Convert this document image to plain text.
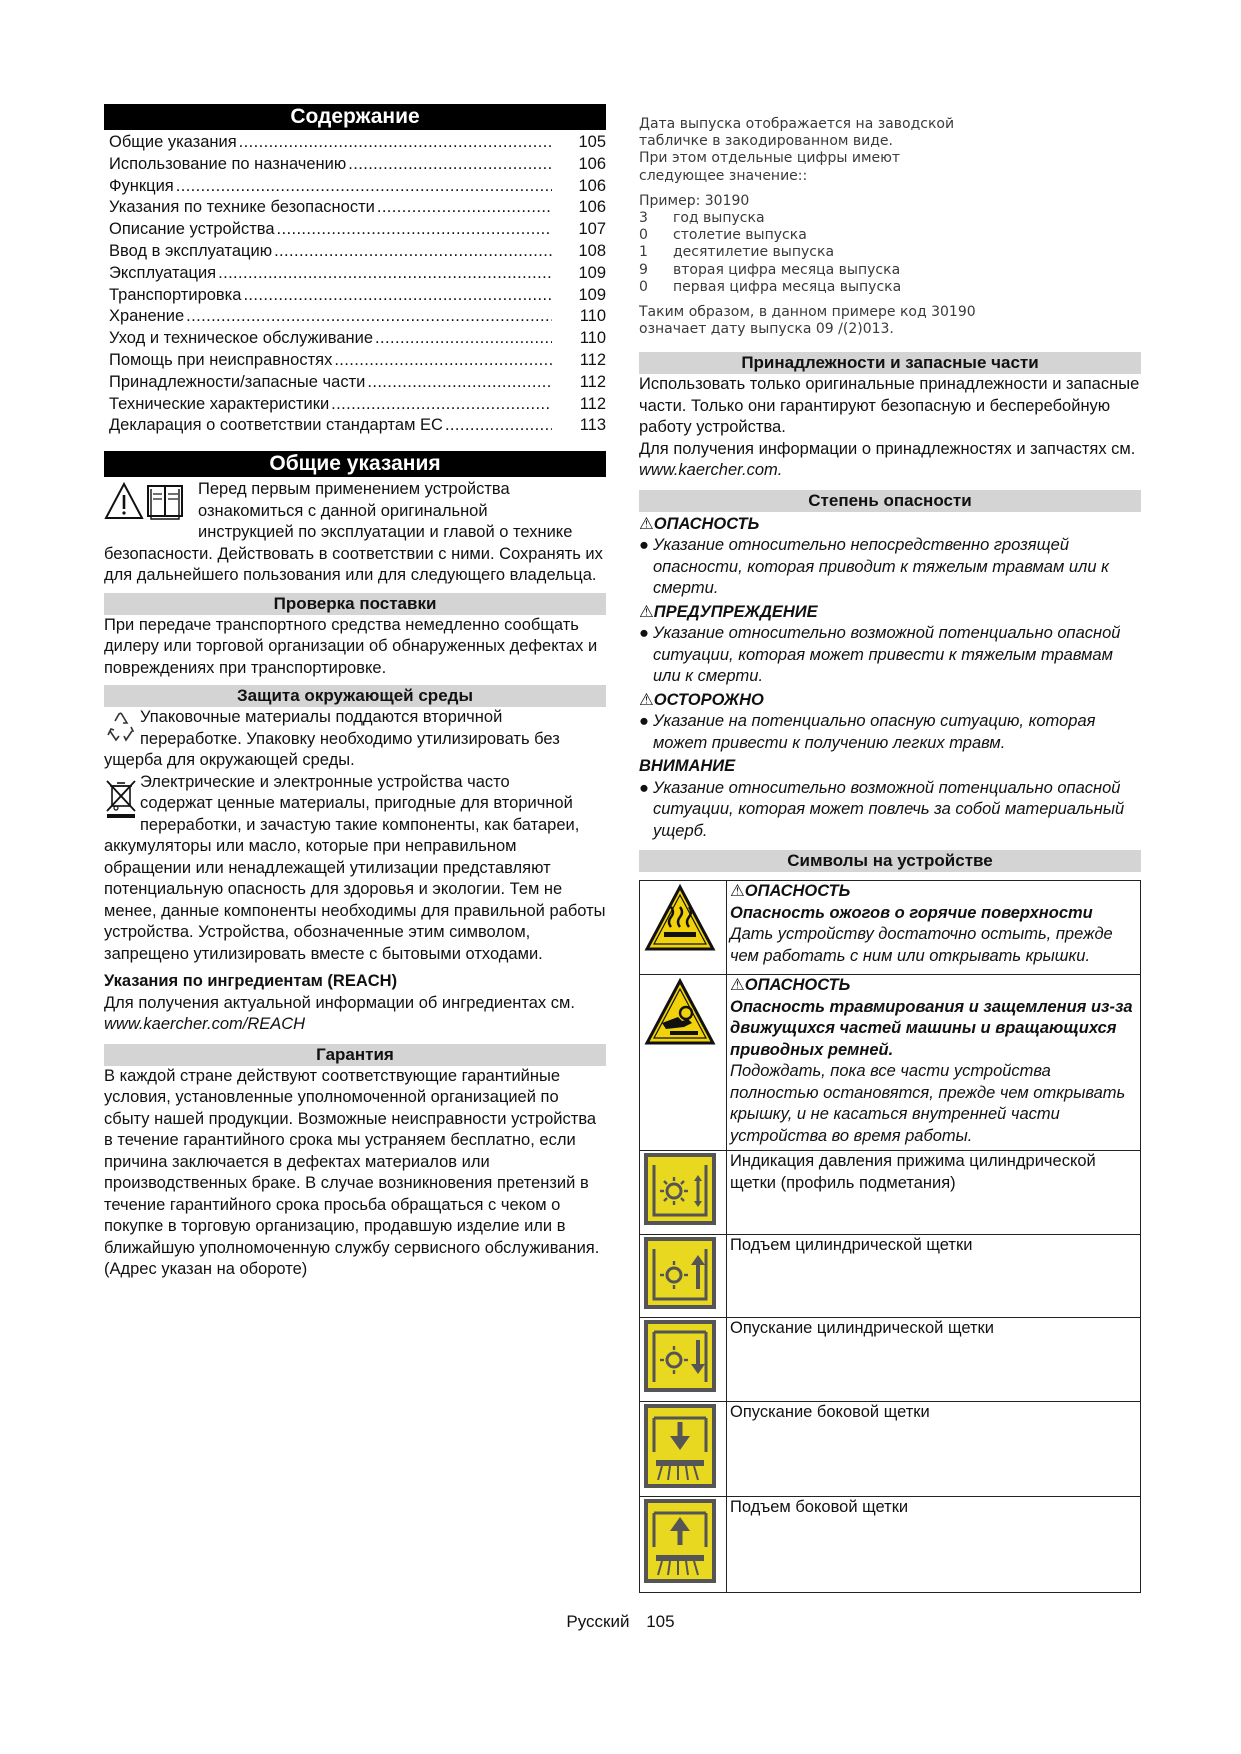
Содержание
Общие указания .....	105
Использование по назначению .....	106
Функция .....	106
Указания по технике безопасности .....	106
Описание устройства .....	107
Ввод в эксплуатацию .....	108
Эксплуатация .....	109
Транспортировка .....	109
Хранение .....	110
Уход и техническое обслуживание .....	110
Помощь при неисправностях .....	112
Принадлежности/запасные части .....	112
Технические характеристики .....	112
Декларация о соответствии стандартам ЕС .....	113
Общие указания

Перед первым применением устройства

ознакомиться с данной оригинальной

инструкцией по эксплуатации и главой о технике

безопасности. Действовать в соответствии с ними. Сохранять их для дальнейшего пользования или для следующего владельца.

Проверка поставки

При передаче транспортного средства немедленно сообщать дилеру или торговой организации об обнаруженных дефектах и повреждениях при транспортировке.

Защита окружающей среды

Упаковочные материалы поддаются вторичной

переработке. Упаковку необходимо утилизировать без ущерба для окружающей среды.

Электрические и электронные устройства часто

содержат ценные материалы, пригодные для вторичной

переработки, и зачастую такие компоненты, как батареи, аккумуляторы или масло, которые при неправильном обращении или ненадлежащей утилизации представляют потенциальную опасность для здоровья и экологии. Тем не менее, данные компоненты необходимы для правильной работы устройства. Устройства, обозначенные этим символом, запрещено утилизировать вместе с бытовыми отходами.

Указания по ингредиентам (REACH)

Для получения актуальной информации об ингредиентах см.

www.kaercher.com/REACH

Гарантия

В каждой стране действуют соответствующие гарантийные условия, установленные уполномоченной организацией по сбыту нашей продукции. Возможные неисправности устройства в течение гарантийного срока мы устраняем бесплатно, если причина заключается в дефектах материалов или производственных браке. В случае возникновения претензий в течение гарантийного срока просьба обращаться с чеком о покупке в торговую организацию, продавшую изделие или в ближайшую уполномоченную службу сервисного обслуживания.

(Адрес указан на обороте)

Дата выпуска отображается на заводской

табличке в закодированном виде.

При этом отдельные цифры имеют

следующее значение::

Пример: 30190

3	год выпуска
0	столетие выпуска
1	десятилетие выпуска
9	вторая цифра месяца выпуска
0	первая цифра месяца выпуска

Таким образом, в данном примере код 30190

означает дату выпуска 09 /(2)013.

Принадлежности и запасные части

Использовать только оригинальные принадлежности и запасные части. Только они гарантируют безопасную и бесперебойную работу устройства.

Для получения информации о принадлежностях и запчастях см. www.kaercher.com.

Степень опасности

⚠ОПАСНОСТЬ

● Указание относительно непосредственно грозящей опасности, которая приводит к тяжелым травмам или к смерти.

⚠ПРЕДУПРЕЖДЕНИЕ

● Указание относительно возможной потенциально опасной ситуации, которая может привести к тяжелым травмам или к смерти.

⚠ОСТОРОЖНО

● Указание на потенциально опасную ситуацию, которая может привести к получению легких травм.

ВНИМАНИЕ

● Указание относительно возможной потенциально опасной ситуации, которая может повлечь за собой материальный ущерб.
Символы на устройстве

⚠ОПАСНОСТЬ

Опасность ожогов о горячие поверхности

Дать устройству достаточно остыть, прежде чем работать с ним или открывать крышки.

⚠ОПАСНОСТЬ

Опасность травмирования и защемления из-за движущихся частей машины и вращающихся приводных ремней.

Подождать, пока все части устройства полностью остановятся, прежде чем открывать крышку, и не касаться внутренней части устройства во время работы.

Индикация давления прижима цилиндрической щетки (профиль подметания)

Подъем цилиндрической щетки

Опускание цилиндрической щетки

Опускание боковой щетки

Подъем боковой щетки

Русский 105
